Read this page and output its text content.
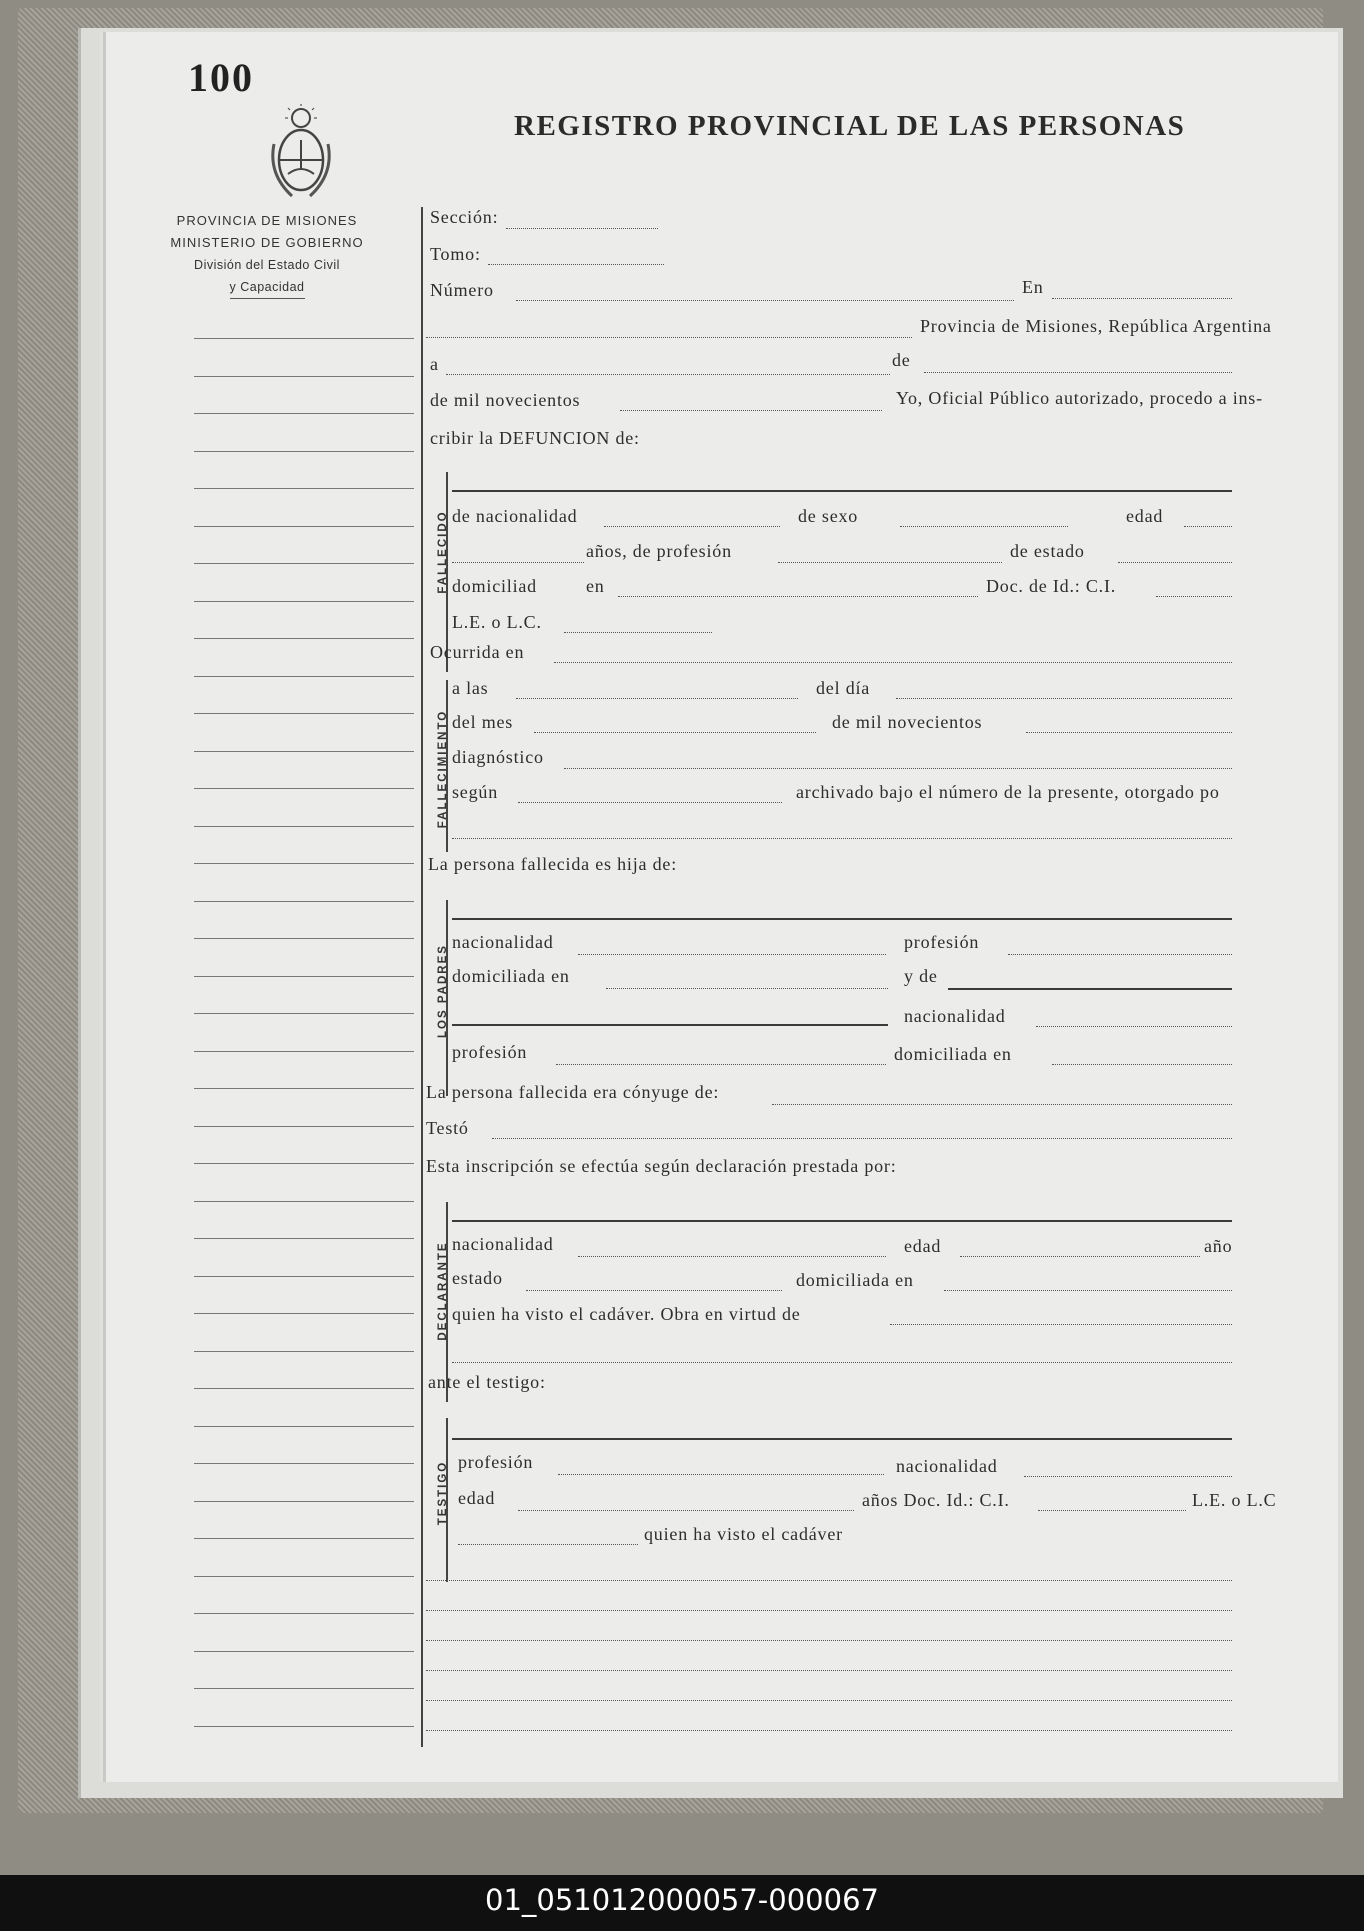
100
REGISTRO PROVINCIAL DE LAS PERSONAS
PROVINCIA DE MISIONES
MINISTERIO DE GOBIERNO
División del Estado Civil
y Capacidad
Sección:
Tomo:
Número	En
Provincia de Misiones, República Argentina
a	de
de mil novecientos	Yo, Oficial Público autorizado, procedo a ins-
cribir la DEFUNCION de:
FALLECIDO de nacionalidad	de sexo	edad
años, de profesión	de estado
domiciliad	en	Doc. de Id.: C.I.
L.E. o L.C.
Ocurrida en
FALLECIMIENTO
a las	del día
del mes	de mil novecientos
diagnóstico
según	archivado bajo el número de la presente, otorgado po
La persona fallecida es hija de:
LOS PADRES
nacionalidad	profesión
domiciliada en	y de
nacionalidad
profesión	domiciliada en
La persona fallecida era cónyuge de:
Testó
Esta inscripción se efectúa según declaración prestada por:
DECLARANTE nacionalidad	edad	año
estado	domiciliada en
quien ha visto el cadáver. Obra en virtud de
ante el testigo:
TESTIGO profesión	nacionalidad
edad	años Doc. Id.: C.I.	L.E. o L.C
quien ha visto el cadáver
01_051012000057-000067
